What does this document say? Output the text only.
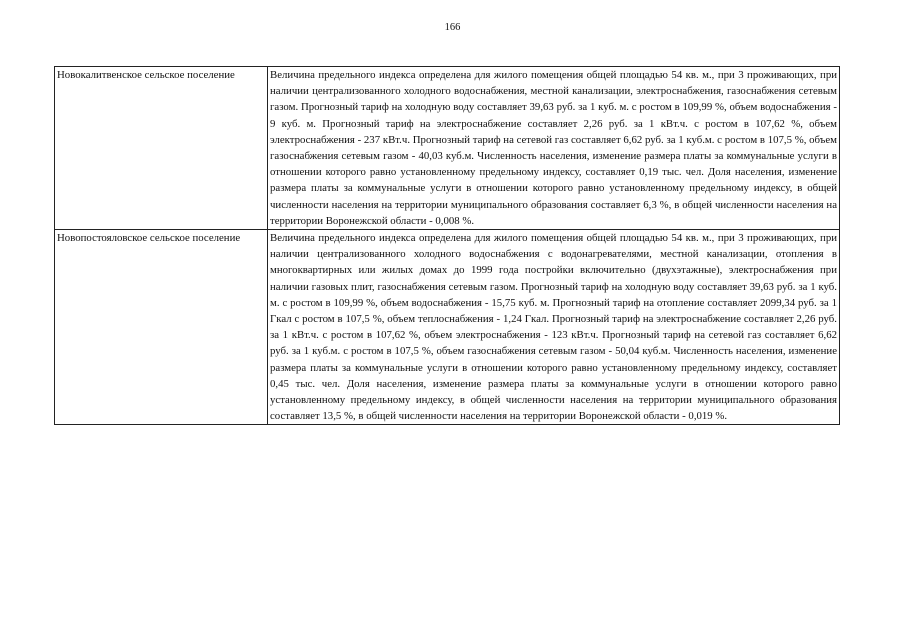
166
Новокалитвенское сельское поселение	Величина предельного индекса определена для жилого помещения общей площадью 54 кв. м., при 3 проживающих, при наличии централизованного холодного водоснабжения, местной канализации, электроснабжения, газоснабжения сетевым газом. Прогнозный тариф на холодную воду составляет 39,63 руб. за 1 куб. м. с ростом в 109,99 %, объем водоснабжения - 9 куб. м. Прогнозный тариф на электроснабжение составляет 2,26 руб. за 1 кВт.ч. с ростом в 107,62 %, объем электроснабжения - 237 кВт.ч. Прогнозный тариф на сетевой газ составляет 6,62 руб. за 1 куб.м. с ростом в 107,5 %, объем газоснабжения сетевым газом - 40,03 куб.м. Численность населения, изменение размера платы за коммунальные услуги в отношении которого равно установленному предельному индексу, составляет 0,19 тыс. чел. Доля населения, изменение размера платы за коммунальные услуги в отношении которого равно установленному предельному индексу, в общей численности населения на территории муниципального образования составляет 6,3 %, в общей численности населения на территории Воронежской области - 0,008 %.
Новопостояловское сельское поселение	Величина предельного индекса определена для жилого помещения общей площадью 54 кв. м., при 3 проживающих, при наличии централизованного холодного водоснабжения с водонагревателями, местной канализации, отопления в многоквартирных или жилых домах до 1999 года постройки включительно (двухэтажные), электроснабжения при наличии газовых плит, газоснабжения сетевым газом. Прогнозный тариф на холодную воду составляет 39,63 руб. за 1 куб. м. с ростом в 109,99 %, объем водоснабжения - 15,75 куб. м. Прогнозный тариф на отопление составляет 2099,34 руб. за 1 Гкал с ростом в 107,5 %, объем теплоснабжения - 1,24 Гкал. Прогнозный тариф на электроснабжение составляет 2,26 руб. за 1 кВт.ч. с ростом в 107,62 %, объем электроснабжения - 123 кВт.ч. Прогнозный тариф на сетевой газ составляет 6,62 руб. за 1 куб.м. с ростом в 107,5 %, объем газоснабжения сетевым газом - 50,04 куб.м. Численность населения, изменение размера платы за коммунальные услуги в отношении которого равно установленному предельному индексу, составляет 0,45 тыс. чел. Доля населения, изменение размера платы за коммунальные услуги в отношении которого равно установленному предельному индексу, в общей численности населения на территории муниципального образования составляет 13,5 %, в общей численности населения на территории Воронежской области - 0,019 %.
